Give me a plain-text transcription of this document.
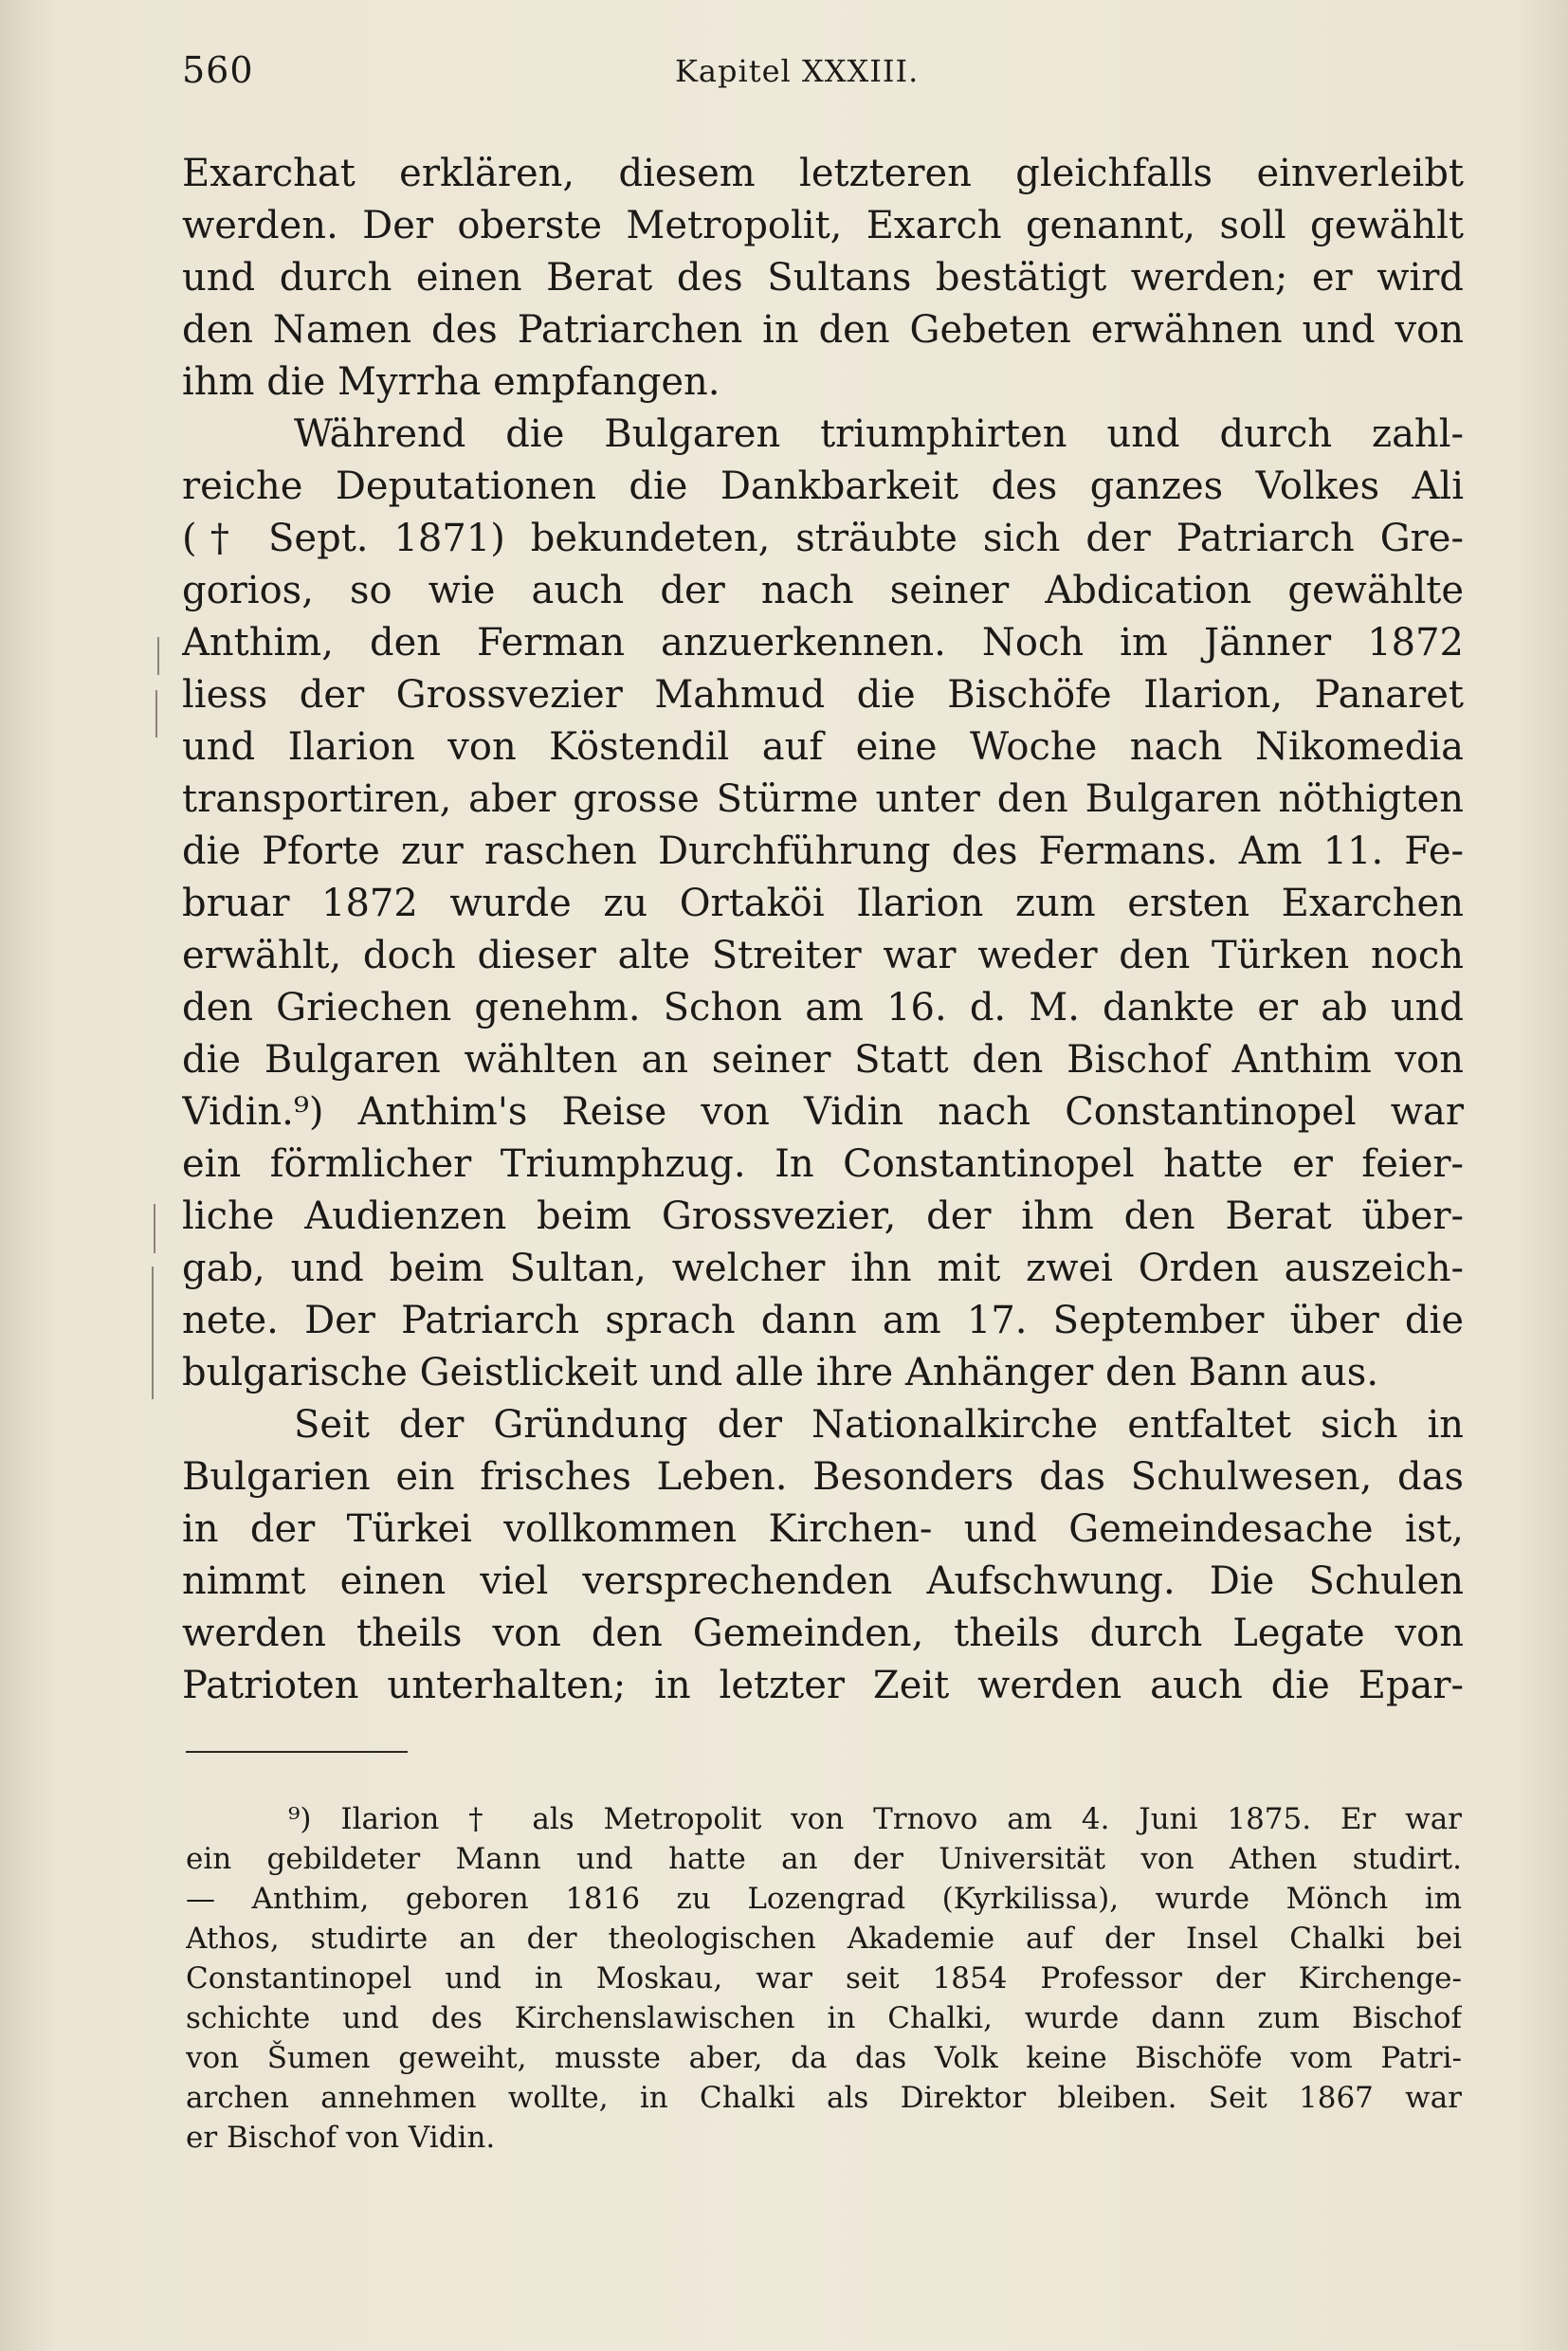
560	Kapitel XXXIII.
Exarchat erklären, diesem letzteren gleichfalls einverleibt
werden. Der oberste Metropolit, Exarch genannt, soll gewählt
und durch einen Berat des Sultans bestätigt werden; er wird
den Namen des Patriarchen in den Gebeten erwähnen und von
ihm die Myrrha empfangen.
Während die Bulgaren triumphirten und durch zahl-
reiche Deputationen die Dankbarkeit des ganzes Volkes Ali
(† Sept. 1871) bekundeten, sträubte sich der Patriarch Gre-
gorios, so wie auch der nach seiner Abdication gewählte
Anthim, den Ferman anzuerkennen. Noch im Jänner 1872
liess der Grossvezier Mahmud die Bischöfe Ilarion, Panaret
und Ilarion von Köstendil auf eine Woche nach Nikomedia
transportiren, aber grosse Stürme unter den Bulgaren nöthigten
die Pforte zur raschen Durchführung des Fermans. Am 11. Fe-
bruar 1872 wurde zu Ortaköi Ilarion zum ersten Exarchen
erwählt, doch dieser alte Streiter war weder den Türken noch
den Griechen genehm. Schon am 16. d. M. dankte er ab und
die Bulgaren wählten an seiner Statt den Bischof Anthim von
Vidin.⁹) Anthim's Reise von Vidin nach Constantinopel war
ein förmlicher Triumphzug. In Constantinopel hatte er feier-
liche Audienzen beim Grossvezier, der ihm den Berat über-
gab, und beim Sultan, welcher ihn mit zwei Orden auszeich-
nete. Der Patriarch sprach dann am 17. September über die
bulgarische Geistlickeit und alle ihre Anhänger den Bann aus.
Seit der Gründung der Nationalkirche entfaltet sich in
Bulgarien ein frisches Leben. Besonders das Schulwesen, das
in der Türkei vollkommen Kirchen- und Gemeindesache ist,
nimmt einen viel versprechenden Aufschwung. Die Schulen
werden theils von den Gemeinden, theils durch Legate von
Patrioten unterhalten; in letzter Zeit werden auch die Epar-
⁹) Ilarion † als Metropolit von Trnovo am 4. Juni 1875. Er war
ein gebildeter Mann und hatte an der Universität von Athen studirt.
— Anthim, geboren 1816 zu Lozengrad (Kyrkilissa), wurde Mönch im
Athos, studirte an der theologischen Akademie auf der Insel Chalki bei
Constantinopel und in Moskau, war seit 1854 Professor der Kirchenge-
schichte und des Kirchenslawischen in Chalki, wurde dann zum Bischof
von Šumen geweiht, musste aber, da das Volk keine Bischöfe vom Patri-
archen annehmen wollte, in Chalki als Direktor bleiben. Seit 1867 war
er Bischof von Vidin.
